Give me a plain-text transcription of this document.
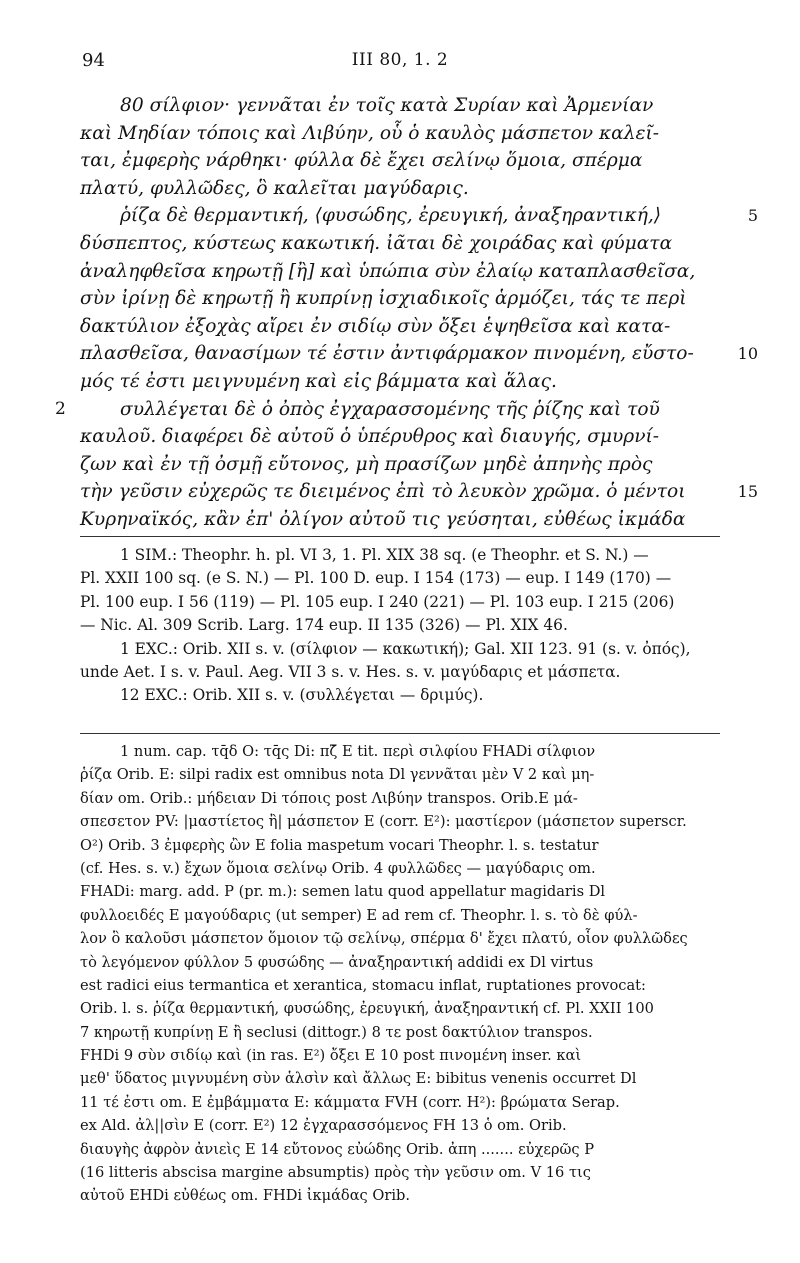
94	III 80, 1. 2
80 σίλφιον· γεννᾶται ἐν τοῖς κατὰ Συρίαν καὶ Ἀρμενίαν
καὶ Μηδίαν τόποις καὶ Λιβύην, οὗ ὁ καυλὸς μάσπετον καλεῖ-
ται, ἐμφερὴς νάρθηκι· φύλλα δὲ ἔχει σελίνῳ ὅμοια, σπέρμα
πλατύ, φυλλῶδες, ὃ καλεῖται μαγύδαρις.
ῥίζα δὲ θερμαντική, ⟨φυσώδης, ἐρευγική, ἀναξηραντική,⟩	5
δύσπεπτος, κύστεως κακωτική. ἰᾶται δὲ χοιράδας καὶ φύματα
ἀναληφθεῖσα κηρωτῇ [ἢ] καὶ ὑπώπια σὺν ἐλαίῳ καταπλασθεῖσα,
σὺν ἰρίνῃ δὲ κηρωτῇ ἢ κυπρίνῃ ἰσχιαδικοῖς ἁρμόζει, τάς τε περὶ
δακτύλιον ἐξοχὰς αἴρει ἐν σιδίῳ σὺν ὄξει ἑψηθεῖσα καὶ κατα-
πλασθεῖσα, θανασίμων τέ ἐστιν ἀντιφάρμακον πινομένη, εὔστο-	10
μός τέ ἐστι μειγνυμένη καὶ εἰς βάμματα καὶ ἅλας.
συλλέγεται δὲ ὁ ὀπὸς ἐγχαρασσομένης τῆς ῥίζης καὶ τοῦ
2
καυλοῦ. διαφέρει δὲ αὐτοῦ ὁ ὑπέρυθρος καὶ διαυγής, σμυρνί-
ζων καὶ ἐν τῇ ὀσμῇ εὔτονος, μὴ πρασίζων μηδὲ ἀπηνὴς πρὸς
τὴν γεῦσιν εὐχερῶς τε διειμένος ἐπὶ τὸ λευκὸν χρῶμα. ὁ μέντοι	15
Κυρηναϊκός, κἂν ἐπ' ὀλίγον αὐτοῦ τις γεύσηται, εὐθέως ἰκμάδα
1 SIM.: Theophr. h. pl. VI 3, 1. Pl. XIX 38 sq. (e Theophr. et S. N.) —
Pl. XXII 100 sq. (e S. N.) — Pl. 100 D. eup. I 154 (173) — eup. I 149 (170) —
Pl. 100 eup. I 56 (119) — Pl. 105 eup. I 240 (221) — Pl. 103 eup. I 215 (206)
— Nic. Al. 309 Scrib. Larg. 174 eup. II 135 (326) — Pl. XIX 46.
1 EXC.: Orib. XII s. v. (σίλφιον — κακωτική); Gal. XII 123. 91 (s. v. ὀπός),
unde Aet. I s. v. Paul. Aeg. VII 3 s. v. Hes. s. v. μαγύδαρις et μάσπετα.
12 EXC.: Orib. XII s. v. (συλλέγεται — δριμύς).
1 num. cap. τq̄δ O: τq̄ς Di: πζ̄ E tit. περὶ σιλφίου FHADi σίλφιον
ῥίζα Orib. E: silpi radix est omnibus nota Dl γεννᾶται μὲν V 2 καὶ μη-
δίαν om. Orib.: μήδειαν Di τόποις post Λιβύην transpos. Orib.E μά-
σπεσετον PV: |μαστίετος ἢ| μάσπετον E (corr. E²): μαστίερον (μάσπετον superscr.
O²) Orib. 3 ἐμφερὴς ὢν E folia maspetum vocari Theophr. l. s. testatur
(cf. Hes. s. v.) ἔχων ὅμοια σελίνῳ Orib. 4 φυλλῶδες — μαγύδαρις om.
FHADi: marg. add. P (pr. m.): semen latu quod appellatur magidaris Dl
φυλλοειδές E μαγούδαρις (ut semper) E ad rem cf. Theophr. l. s. τὸ δὲ φύλ-
λον ὃ καλοῦσι μάσπετον ὅμοιον τῷ σελίνῳ, σπέρμα δ' ἔχει πλατύ, οἷον φυλλῶδες
τὸ λεγόμενον φύλλον 5 φυσώδης — ἀναξηραντική addidi ex Dl virtus
est radici eius termantica et xerantica, stomacu inflat, ruptationes provocat:
Orib. l. s. ῥίζα θερμαντική, φυσώδης, ἐρευγική, ἀναξηραντική cf. Pl. XXII 100
7 κηρωτῇ κυπρίνῃ E ἢ seclusi (dittogr.) 8 τε post δακτύλιον transpos.
FHDi 9 σὺν σιδίῳ καὶ (in ras. E²) ὄξει E 10 post πινομένη inser. καὶ
μεθ' ὕδατος μιγνυμένη σὺν ἁλσὶν καὶ ἄλλως E: bibitus venenis occurret Dl
11 τέ ἐστι om. E ἐμβάμματα E: κάμματα FVH (corr. H²): βρώματα Serap.
ex Ald. ἀλ||σὶν E (corr. E²) 12 ἐγχαρασσόμενος FH 13 ὁ om. Orib.
διαυγὴς ἀφρὸν ἀνιεὶς E 14 εὔτονος εὐώδης Orib. ἀπη ....... εὐχερῶς P
(16 litteris abscisa margine absumptis) πρὸς τὴν γεῦσιν om. V 16 τις
αὐτοῦ EHDi εὐθέως om. FHDi ἰκμάδας Orib.
